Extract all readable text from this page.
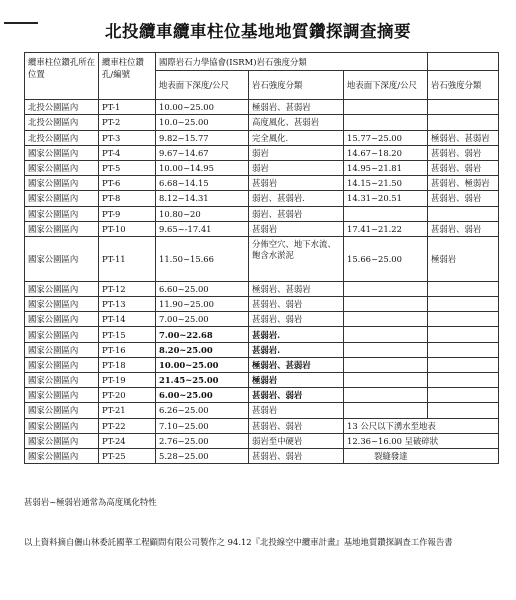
北投纜車纜車柱位基地地質鑽探調查摘要
纜車柱位鑽孔所在位置	纜車柱位鑽孔/編號	國際岩石力學協會(ISRM)岩石強度分類			
		地表面下深度/公尺	岩石強度分類	地表面下深度/公尺	岩石強度分類
北投公園區內	PT-1	10.00~25.00	極弱岩、甚弱岩		
北投公園區內	PT-2	10.0~25.00	高度風化、甚弱岩		
北投公園區內	PT-3	9.82~15.77	完全風化.	15.77~25.00	極弱岩、甚弱岩
國家公園區內	PT-4	9.67~14.67	弱岩	14.67~18.20	甚弱岩、弱岩
國家公園區內	PT-5	10.00~14.95	弱岩	14.95~21.81	甚弱岩、弱岩
國家公園區內	PT-6	6.68~14.15	甚弱岩	14.15~21.50	甚弱岩、極弱岩
國家公園區內	PT-8	8.12~14.31	弱岩、甚弱岩.	14.31~20.51	甚弱岩、弱岩
國家公園區內	PT-9	10.80~20	弱岩、甚弱岩		
國家公園區內	PT-10	9.65~-17.41	甚弱岩	17.41~21.22	甚弱岩、弱岩
國家公園區內	PT-11	11.50~15.66	分佈空穴、地下水流、飽含水淤泥	15.66~25.00	極弱岩
國家公園區內	PT-12	6.60~25.00	極弱岩、甚弱岩		
國家公園區內	PT-13	11.90~25.00	甚弱岩、弱岩		
國家公園區內	PT-14	7.00~25.00	甚弱岩、弱岩		
國家公園區內	PT-15	7.00~22.68	甚弱岩.		
國家公園區內	PT-16	8.20~25.00	甚弱岩.		
國家公園區內	PT-18	10.00~25.00	極弱岩、甚弱岩		
國家公園區內	PT-19	21.45~25.00	極弱岩		
國家公園區內	PT-20	6.00~25.00	甚弱岩、弱岩		
國家公園區內	PT-21	6.26~25.00	甚弱岩		
國家公園區內	PT-22	7.10~25.00	甚弱岩、弱岩	13 公尺以下湧水至地表	
國家公園區內	PT-24	2.76~25.00	弱岩至中硬岩	12.36~16.00 呈破碎狀	
國家公園區內	PT-25	5.28~25.00	甚弱岩、弱岩	裂縫發達	
甚弱岩~極弱岩通常為高度風化特性
以上資料摘自儷山林委託國華工程顧問有限公司製作之 94.12『北投線空中纜車計畫』基地地質鑽探調查工作報告書
